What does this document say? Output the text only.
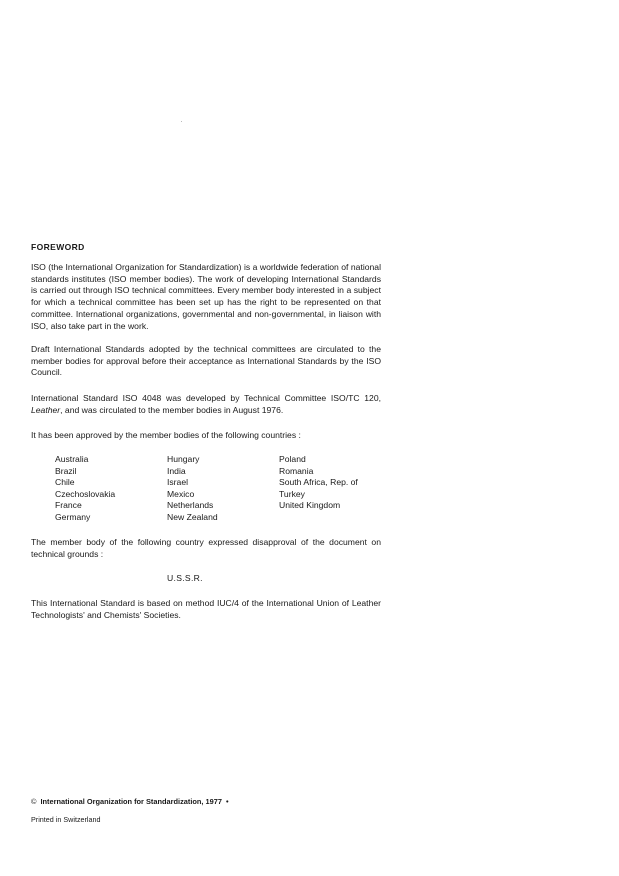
FOREWORD
ISO (the International Organization for Standardization) is a worldwide federation of national standards institutes (ISO member bodies). The work of developing International Standards is carried out through ISO technical committees. Every member body interested in a subject for which a technical committee has been set up has the right to be represented on that committee. International organizations, governmental and non-governmental, in liaison with ISO, also take part in the work.
Draft International Standards adopted by the technical committees are circulated to the member bodies for approval before their acceptance as International Standards by the ISO Council.
International Standard ISO 4048 was developed by Technical Committee ISO/TC 120, Leather, and was circulated to the member bodies in August 1976.
It has been approved by the member bodies of the following countries :
Australia
Brazil
Chile
Czechoslovakia
France
Germany
Hungary
India
Israel
Mexico
Netherlands
New Zealand
Poland
Romania
South Africa, Rep. of
Turkey
United Kingdom
The member body of the following country expressed disapproval of the document on technical grounds :
U.S.S.R.
This International Standard is based on method IUC/4 of the International Union of Leather Technologists' and Chemists' Societies.
© International Organization for Standardization, 1977 •
Printed in Switzerland
